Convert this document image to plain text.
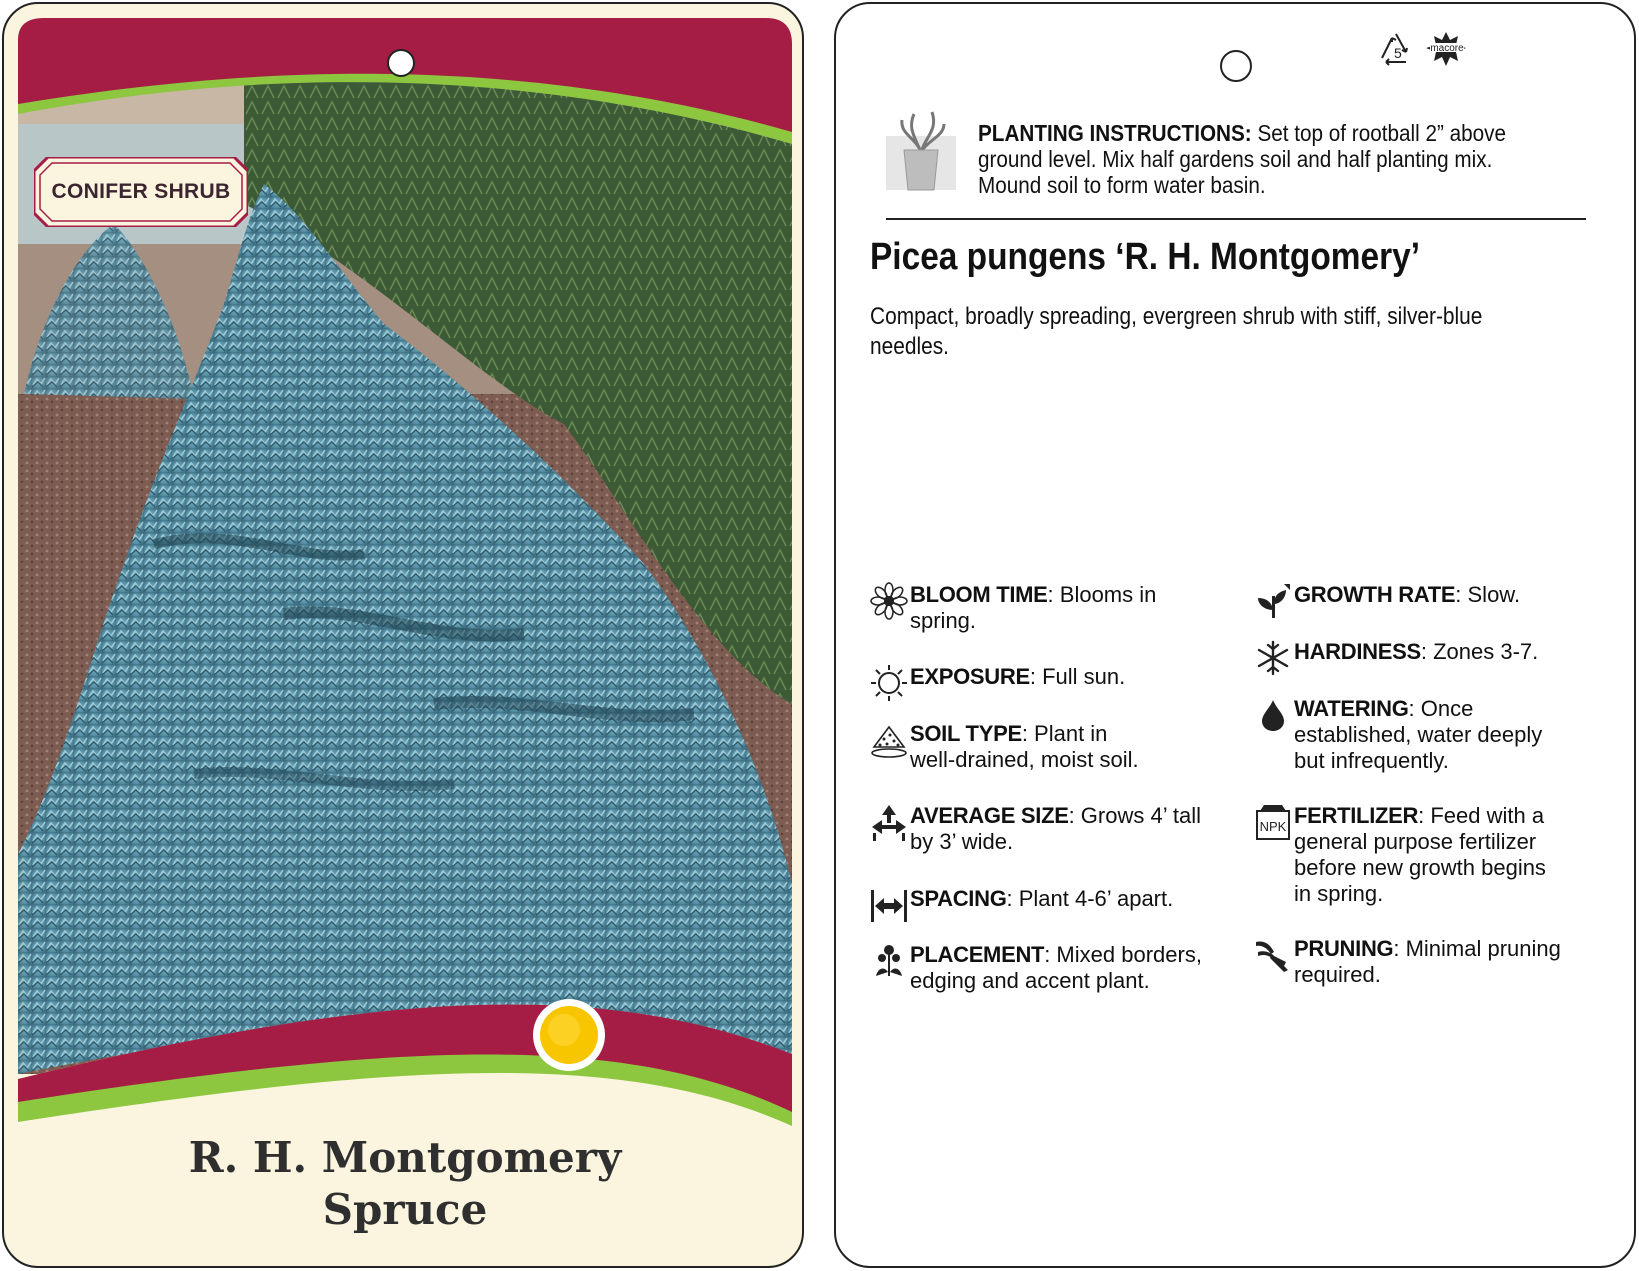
CONIFER SHRUB
R. H. Montgomery
Spruce
5	macore
PLANTING INSTRUCTIONS: Set top of rootball 2” above ground level. Mix half gardens soil and half planting mix. Mound soil to form water basin.
Picea pungens ‘R. H. Montgomery’
Compact, broadly spreading, evergreen shrub with stiff, silver-blue needles.
BLOOM TIME: Blooms in
spring.
EXPOSURE: Full sun.
SOIL TYPE: Plant in
well-drained, moist soil.
AVERAGE SIZE: Grows 4’ tall
by 3’ wide.
SPACING: Plant 4-6’ apart.
PLACEMENT: Mixed borders,
edging and accent plant.
GROWTH RATE: Slow.
HARDINESS: Zones 3-7.
WATERING: Once
established, water deeply
but infrequently.
NPK FERTILIZER: Feed with a
general purpose fertilizer
before new growth begins
in spring.
PRUNING: Minimal pruning
required.
